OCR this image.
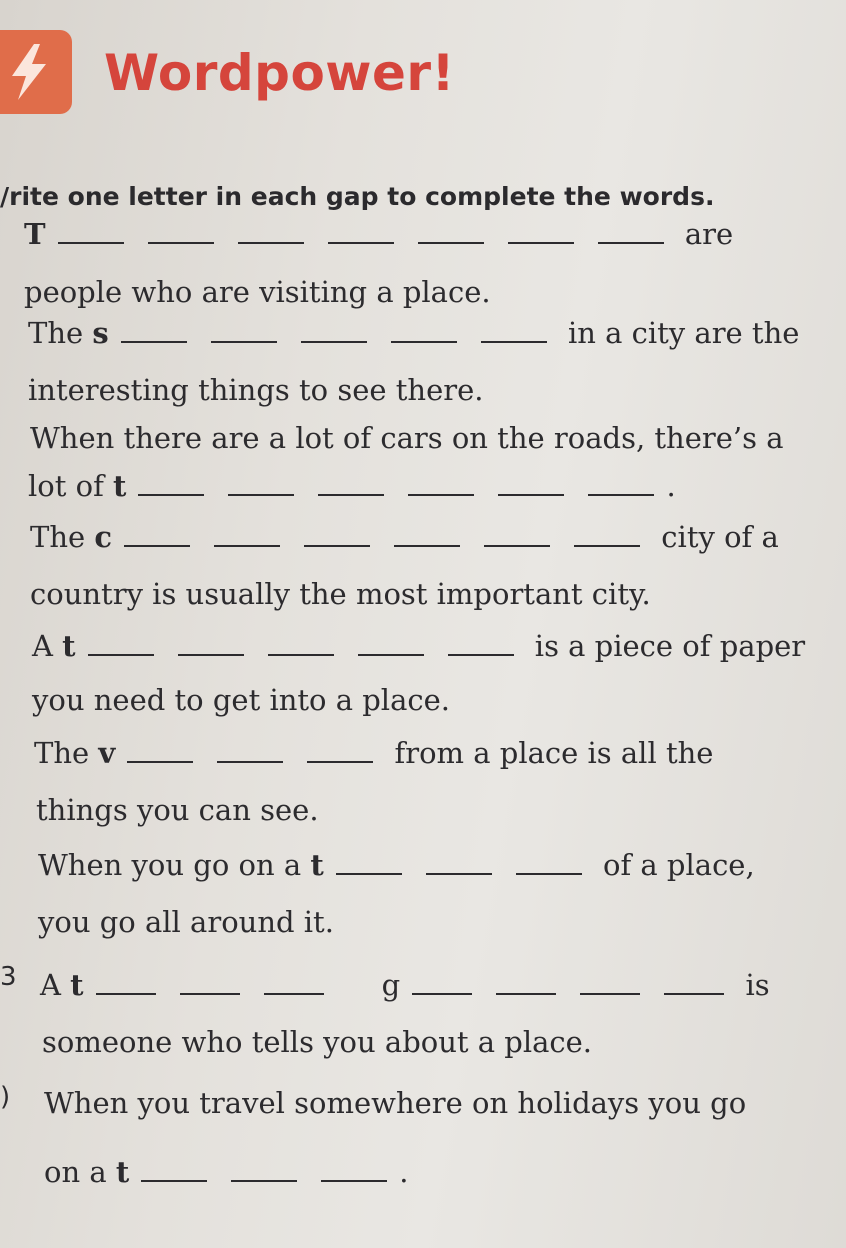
Wordpower!
/rite one letter in each gap to complete the words.
T	are
people who are visiting a place.
The s	in a city are the
interesting things to see there.
When there are a lot of cars on the roads, there’s a
lot of t	.
The c	city of a
country is usually the most important city.
A t	is a piece of paper
you need to get into a place.
The v	from a place is all the
things you can see.
When you go on a t	of a place,
you go all around it.
3 A t	g	is
someone who tells you about a place.
) When you travel somewhere on holidays you go
on a t	.
